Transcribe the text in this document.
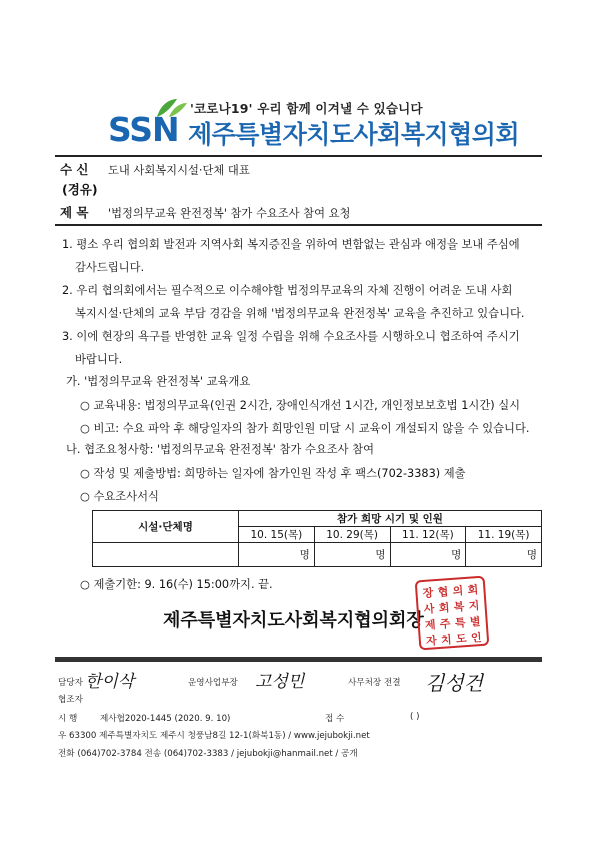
'코로나19' 우리 함께 이겨낼 수 있습니다
SSN 제주특별자치도사회복지협의회
수 신 도내 사회복지시설·단체 대표
(경유)
제 목 '법정의무교육 완전정복' 참가 수요조사 참여 요청
1. 평소 우리 협의회 발전과 지역사회 복지증진을 위하여 변함없는 관심과 애정을 보내 주심에
감사드립니다.
2. 우리 협의회에서는 필수적으로 이수해야할 법정의무교육의 자체 진행이 어려운 도내 사회
복지시설·단체의 교육 부담 경감을 위해 '법정의무교육 완전정복' 교육을 추진하고 있습니다.
3. 이에 현장의 욕구를 반영한 교육 일정 수립을 위해 수요조사를 시행하오니 협조하여 주시기
바랍니다.
가. '법정의무교육 완전정복' 교육개요
○ 교육내용: 법정의무교육(인권 2시간, 장애인식개선 1시간, 개인정보보호법 1시간) 실시
○ 비고: 수요 파악 후 해당일자의 참가 희망인원 미달 시 교육이 개설되지 않을 수 있습니다.
나. 협조요청사항: '법정의무교육 완전정복' 참가 수요조사 참여
○ 작성 및 제출방법: 희망하는 일자에 참가인원 작성 후 팩스(702-3383) 제출
○ 수요조사서식
시설·단체명	참가 희망 시기 및 인원			
	10. 15(목)	10. 29(목)	11. 12(목)	11. 19(목)
	명	명	명	명
○ 제출기한: 9. 16(수) 15:00까지. 끝.
제주특별자치도사회복지협의회장
장 협 의 회
사 회 복 지
제 주 특 별
자 치 도 인
담당자 한이삭	운영사업부장 고성민	사무처장 전결 김성건
협조자
시 행	제사협2020-1445 (2020. 9. 10)	접 수	( )
우 63300 제주특별자치도 제주시 청풍남8길 12-1(화북1동) / www.jejubokji.net
전화 (064)702-3784 전송 (064)702-3383 / jejubokji@hanmail.net / 공개
